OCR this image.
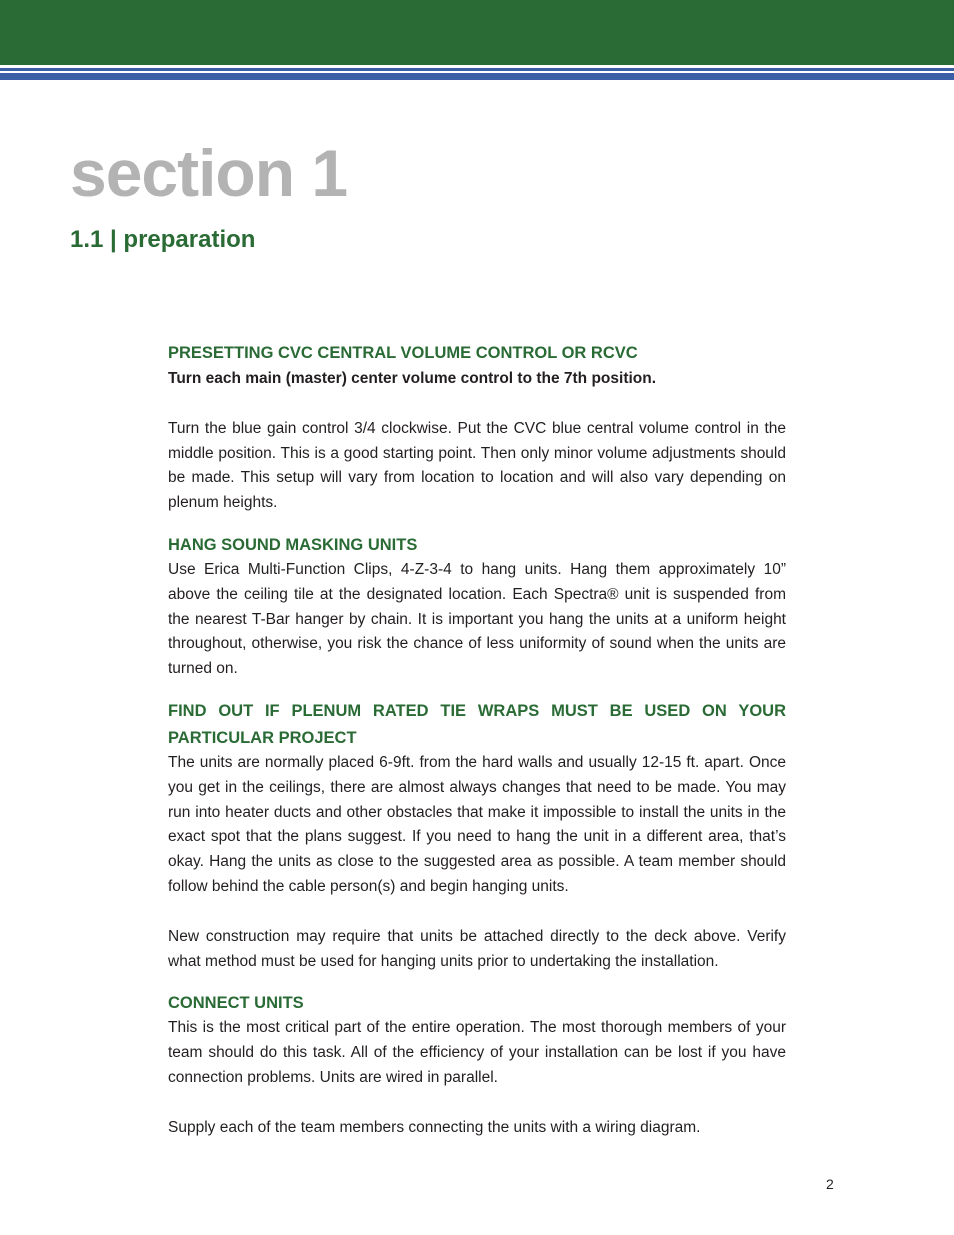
section 1
1.1 | preparation
PRESETTING CVC CENTRAL VOLUME CONTROL OR RCVC

Turn each main (master) center volume control to the 7th position.

Turn the blue gain control 3/4 clockwise. Put the CVC blue central volume control in the middle position. This is a good starting point. Then only minor volume adjustments should be made. This setup will vary from location to location and will also vary depending on plenum heights.

HANG SOUND MASKING UNITS

Use Erica Multi-Function Clips, 4-Z-3-4 to hang units. Hang them approximately 10” above the ceiling tile at the designated location. Each Spectra® unit is suspended from the nearest T-Bar hanger by chain. It is important you hang the units at a uniform height throughout, otherwise, you risk the chance of less uniformity of sound when the units are turned on.

FIND OUT IF PLENUM RATED TIE WRAPS MUST BE USED ON YOUR
PARTICULAR PROJECT

The units are normally placed 6-9ft. from the hard walls and usually 12-15 ft. apart. Once you get in the ceilings, there are almost always changes that need to be made. You may run into heater ducts and other obstacles that make it impossible to install the units in the exact spot that the plans suggest. If you need to hang the unit in a different area, that’s okay. Hang the units as close to the suggested area as possible. A team member should follow behind the cable person(s) and begin hanging units.

New construction may require that units be attached directly to the deck above. Verify what method must be used for hanging units prior to undertaking the installation.

CONNECT UNITS

This is the most critical part of the entire operation. The most thorough members of your team should do this task. All of the efficiency of your installation can be lost if you have connection problems. Units are wired in parallel.

Supply each of the team members connecting the units with a wiring diagram.

2
